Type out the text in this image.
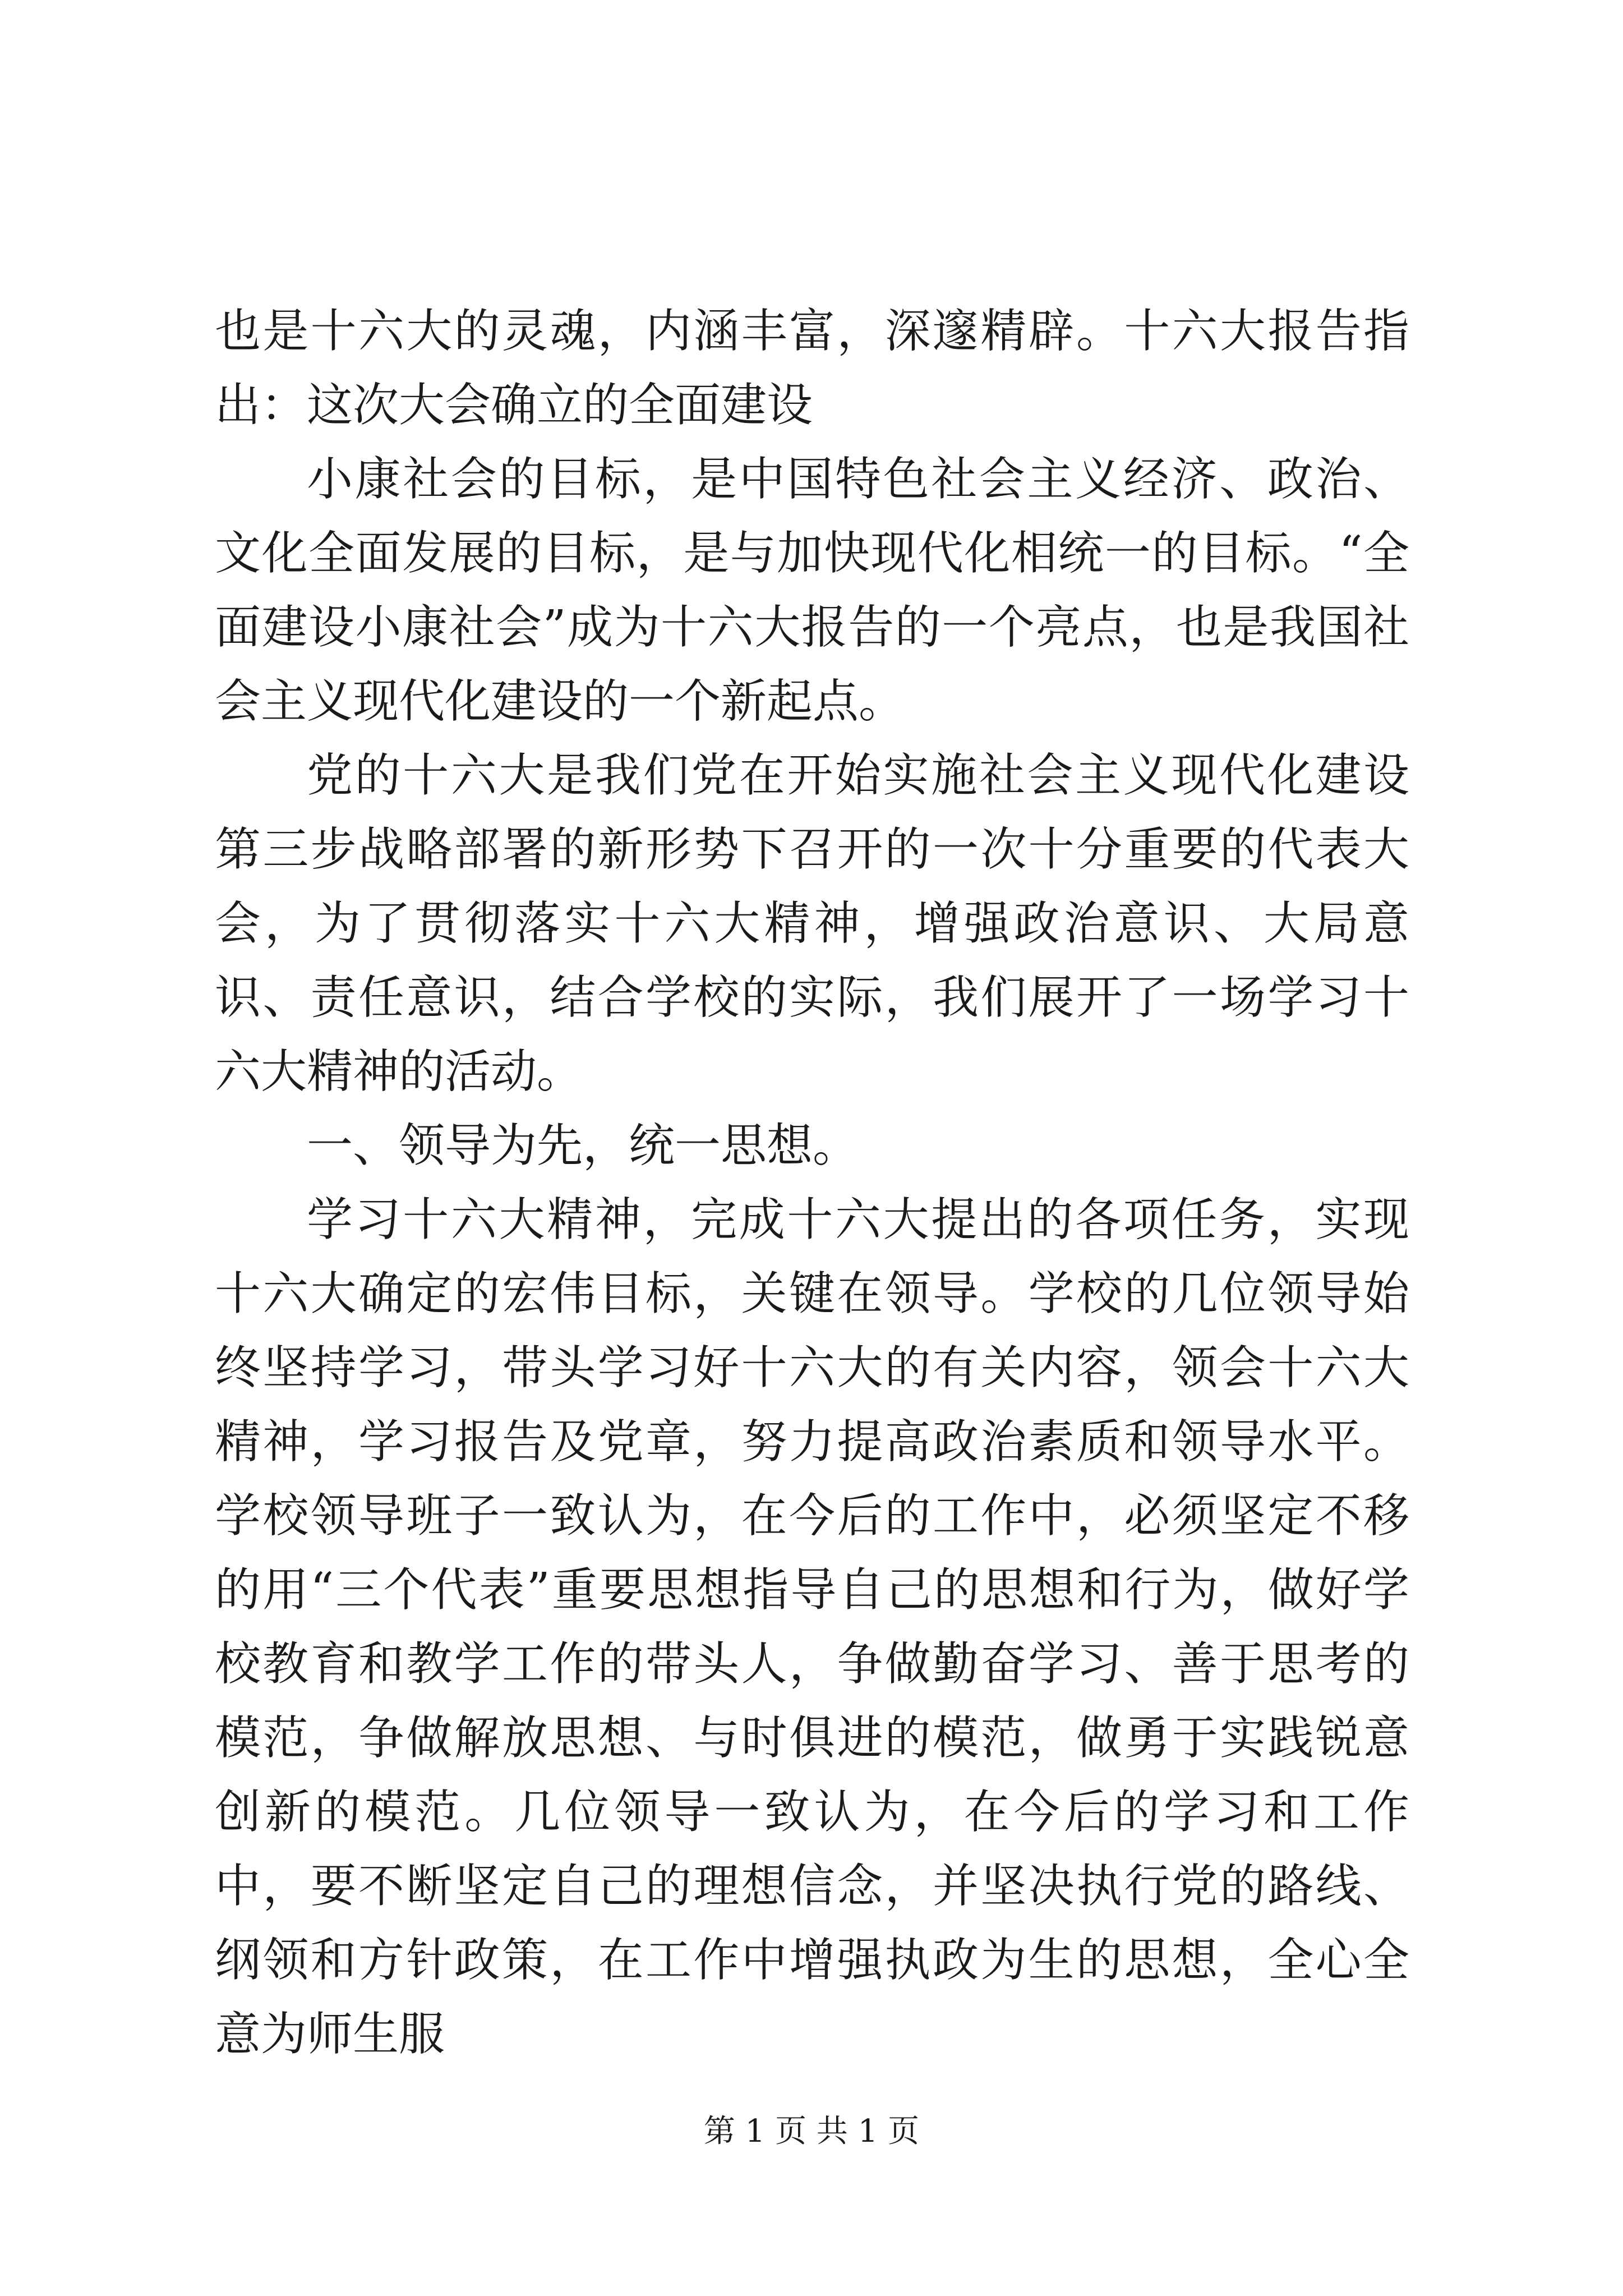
也是十六大的灵魂，内涵丰富，深邃精辟。十六大报告指出：这次大会确立的全面建设

小康社会的目标，是中国特色社会主义经济、政治、文化全面发展的目标，是与加快现代化相统一的目标。“全面建设小康社会”成为十六大报告的一个亮点，也是我国社会主义现代化建设的一个新起点。

党的十六大是我们党在开始实施社会主义现代化建设第三步战略部署的新形势下召开的一次十分重要的代表大会，为了贯彻落实十六大精神，增强政治意识、大局意识、责任意识，结合学校的实际，我们展开了一场学习十六大精神的活动。

一、领导为先，统一思想。

学习十六大精神，完成十六大提出的各项任务，实现十六大确定的宏伟目标，关键在领导。学校的几位领导始终坚持学习，带头学习好十六大的有关内容，领会十六大精神，学习报告及党章，努力提高政治素质和领导水平。学校领导班子一致认为，在今后的工作中，必须坚定不移的用“三个代表”重要思想指导自己的思想和行为，做好学校教育和教学工作的带头人，争做勤奋学习、善于思考的模范，争做解放思想、与时俱进的模范，做勇于实践锐意创新的模范。几位领导一致认为，在今后的学习和工作中，要不断坚定自己的理想信念，并坚决执行党的路线、纲领和方针政策，在工作中增强执政为生的思想，全心全意为师生服

第 1 页 共 1 页
